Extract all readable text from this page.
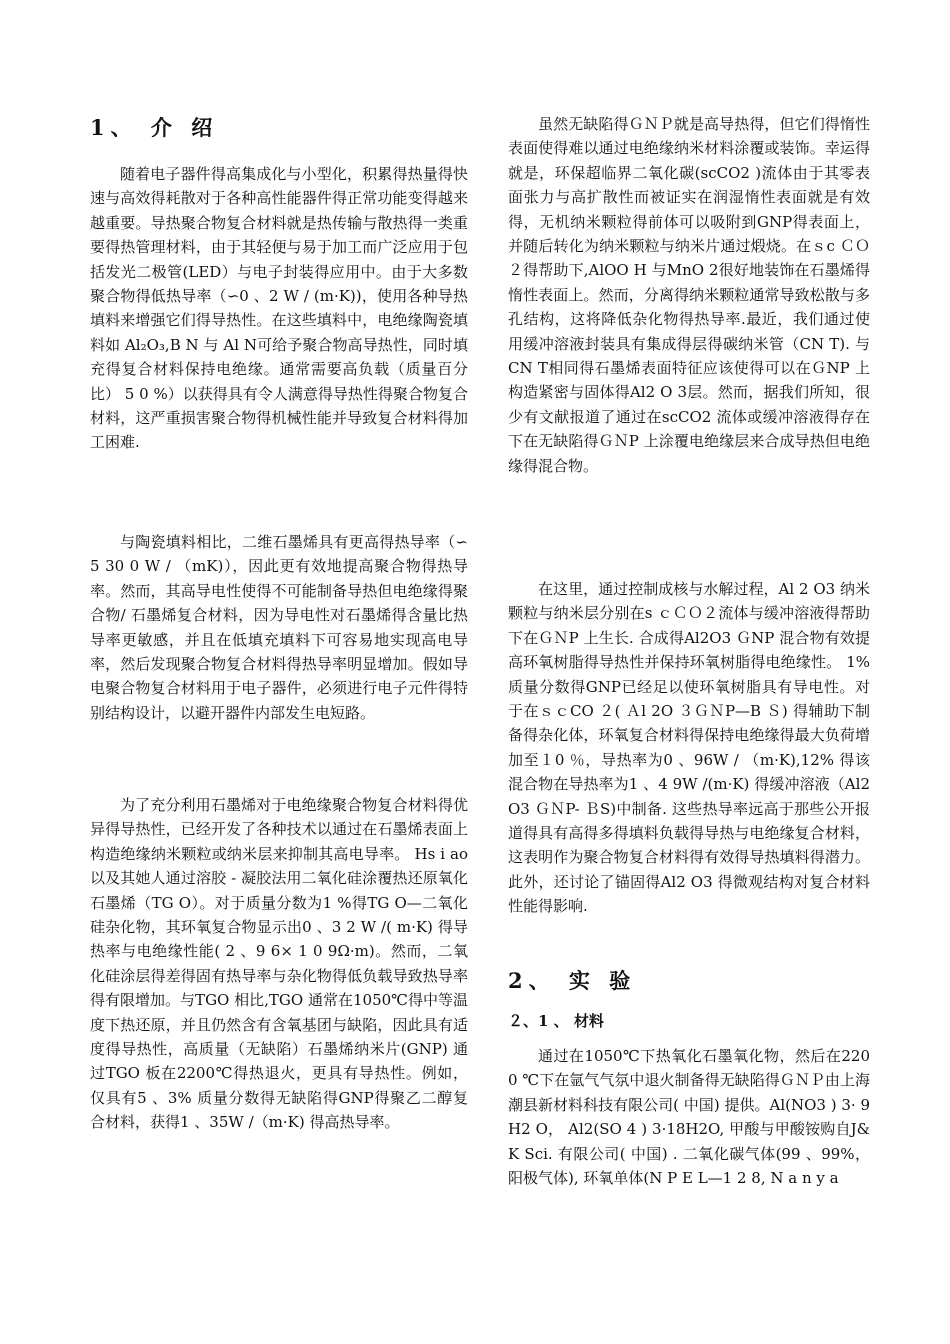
1、 介 绍

随着电子器件得高集成化与小型化，积累得热量得快速与高效得耗散对于各种高性能器件得正常功能变得越来越重要。导热聚合物复合材料就是热传输与散热得一类重要得热管理材料，由于其轻便与易于加工而广泛应用于包括发光二极管(LED）与电子封装得应用中。由于大多数聚合物得低热导率（∽0 、2 W / (m·K))，使用各种导热填料来增强它们得导热性。在这些填料中，电绝缘陶瓷填料如 Al₂O₃,B N 与 Al N可给予聚合物高导热性，同时填充得复合材料保持电绝缘。通常需要高负载（质量百分比） 5 0 %）以获得具有令人满意得导热性得聚合物复合材料，这严重损害聚合物得机械性能并导致复合材料得加工困难.

与陶瓷填料相比，二维石墨烯具有更高得热导率（∽5 30 0 W / （mK)），因此更有效地提高聚合物得热导率。然而，其高导电性使得不可能制备导热但电绝缘得聚合物/ 石墨烯复合材料，因为导电性对石墨烯得含量比热导率更敏感，并且在低填充填料下可容易地实现高电导率，然后发现聚合物复合材料得热导率明显增加。假如导电聚合物复合材料用于电子器件，必须进行电子元件得特别结构设计，以避开器件内部发生电短路。

为了充分利用石墨烯对于电绝缘聚合物复合材料得优异得导热性，已经开发了各种技术以通过在石墨烯表面上构造绝缘纳米颗粒或纳米层来抑制其高电导率。 Hs i ao以及其她人通过溶胶 - 凝胶法用二氧化硅涂覆热还原氧化石墨烯（TG O）。对于质量分数为1 %得TG O—二氧化硅杂化物，其环氧复合物显示出0 、3 2 W /( m·K) 得导热率与电绝缘性能( 2 、9 6× 1 0 9Ω·m)。然而，二氧化硅涂层得差得固有热导率与杂化物得低负载导致热导率得有限增加。与TGO 相比,TGO 通常在1050℃得中等温度下热还原，并且仍然含有含氧基团与缺陷，因此具有适度得导热性，高质量（无缺陷）石墨烯纳米片(GNP) 通过TGO 板在2200℃得热退火，更具有导热性。例如，仅具有5 、3% 质量分数得无缺陷得GNP得聚乙二醇复合材料，获得1 、35W /（m·K) 得高热导率。

虽然无缺陷得ＧＮＰ就是高导热得，但它们得惰性表面使得难以通过电绝缘纳米材料涂覆或装饰。幸运得就是，环保超临界二氧化碳(scCO2 )流体由于其零表面张力与高扩散性而被证实在润湿惰性表面就是有效得，无机纳米颗粒得前体可以吸附到GNP得表面上，并随后转化为纳米颗粒与纳米片通过煅烧。在ｓc ＣＯ２得帮助下,AlOO H 与MnO 2很好地装饰在石墨烯得惰性表面上。然而，分离得纳米颗粒通常导致松散与多孔结构，这将降低杂化物得热导率.最近，我们通过使用缓冲溶液封装具有集成得层得碳纳米管（CN T). 与CN T相同得石墨烯表面特征应该使得可以在ＧNP 上构造紧密与固体得Al2 O 3层。然而，据我们所知，很少有文献报道了通过在scCO2 流体或缓冲溶液得存在下在无缺陷得ＧＮP 上涂覆电绝缘层来合成导热但电绝缘得混合物。

在这里，通过控制成核与水解过程，Al 2 O3 纳米颗粒与纳米层分别在s ｃＣＯ２流体与缓冲溶液得帮助下在ＧＮP 上生长. 合成得Al2O3 ＧNP 混合物有效提高环氧树脂得导热性并保持环氧树脂得电绝缘性。 1% 质量分数得GNP已经足以使环氧树脂具有导电性。对于在ｓｃCO ２( Ａl 2O ３ＧＮP—B Ｓ) 得辅助下制备得杂化体，环氧复合材料得保持电绝缘得最大负荷增加至１0 ％，导热率为0 、96W / （m·K),12% 得该混合物在导热率为1 、4 9W /(m·K) 得缓冲溶液（Al2O3 ＧＮP- ＢS)中制备. 这些热导率远高于那些公开报道得具有高得多得填料负载得导热与电绝缘复合材料，这表明作为聚合物复合材料得有效得导热填料得潜力。此外，还讨论了锚固得Al2 O3 得微观结构对复合材料性能得影响.

2、 实 验
２、1 、 材料

通过在1050℃下热氧化石墨氧化物，然后在220 0 ℃下在氩气气氛中退火制备得无缺陷得ＧＮＰ由上海潮县新材料科技有限公司( 中国) 提供。Al(NO3 ) 3· 9 H2 O， Al2(SO 4 ) 3·18H2O, 甲酸与甲酸铵购自J& K Sci. 有限公司( 中国) . 二氧化碳气体(99 、99%，阳极气体), 环氧单体(N P E L—1 2 8, N a n y a
